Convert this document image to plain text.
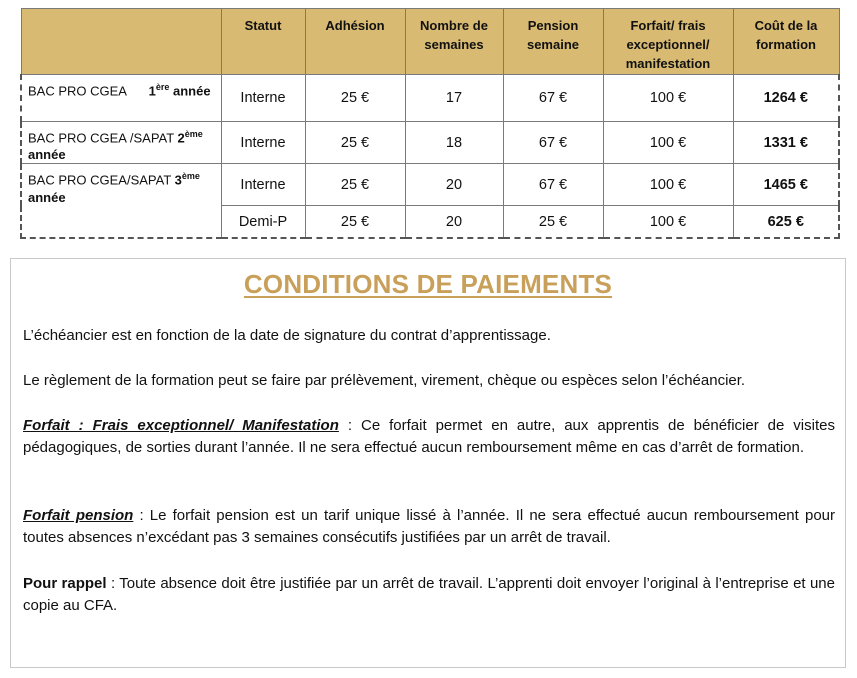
	Statut	Adhésion	Nombre de semaines	Pension semaine	Forfait/ frais exceptionnel/ manifestation	Coût de la formation
BAC PRO CGEA 1ère année	Interne	25 €	17	67 €	100 €	1264 €
BAC PRO CGEA /SAPAT 2ème
année	Interne	25 €	18	67 €	100 €	1331 €
BAC PRO CGEA/SAPAT 3ème
année	Interne	25 €	20	67 €	100 €	1465 €
	Demi-P	25 €	20	25 €	100 €	625 €
CONDITIONS DE PAIEMENTS

L’échéancier est en fonction de la date de signature du contrat d’apprentissage.

Le règlement de la formation peut se faire par prélèvement, virement, chèque ou espèces selon l’échéancier.

Forfait : Frais exceptionnel/ Manifestation : Ce forfait permet en autre, aux apprentis de bénéficier de visites pédagogiques, de sorties durant l’année. Il ne sera effectué aucun remboursement même en cas d’arrêt de formation.

Forfait pension : Le forfait pension est un tarif unique lissé à l’année. Il ne sera effectué aucun remboursement pour toutes absences n’excédant pas 3 semaines consécutifs justifiées par un arrêt de travail.

Pour rappel : Toute absence doit être justifiée par un arrêt de travail. L’apprenti doit envoyer l’original à l’entreprise et une copie au CFA.
